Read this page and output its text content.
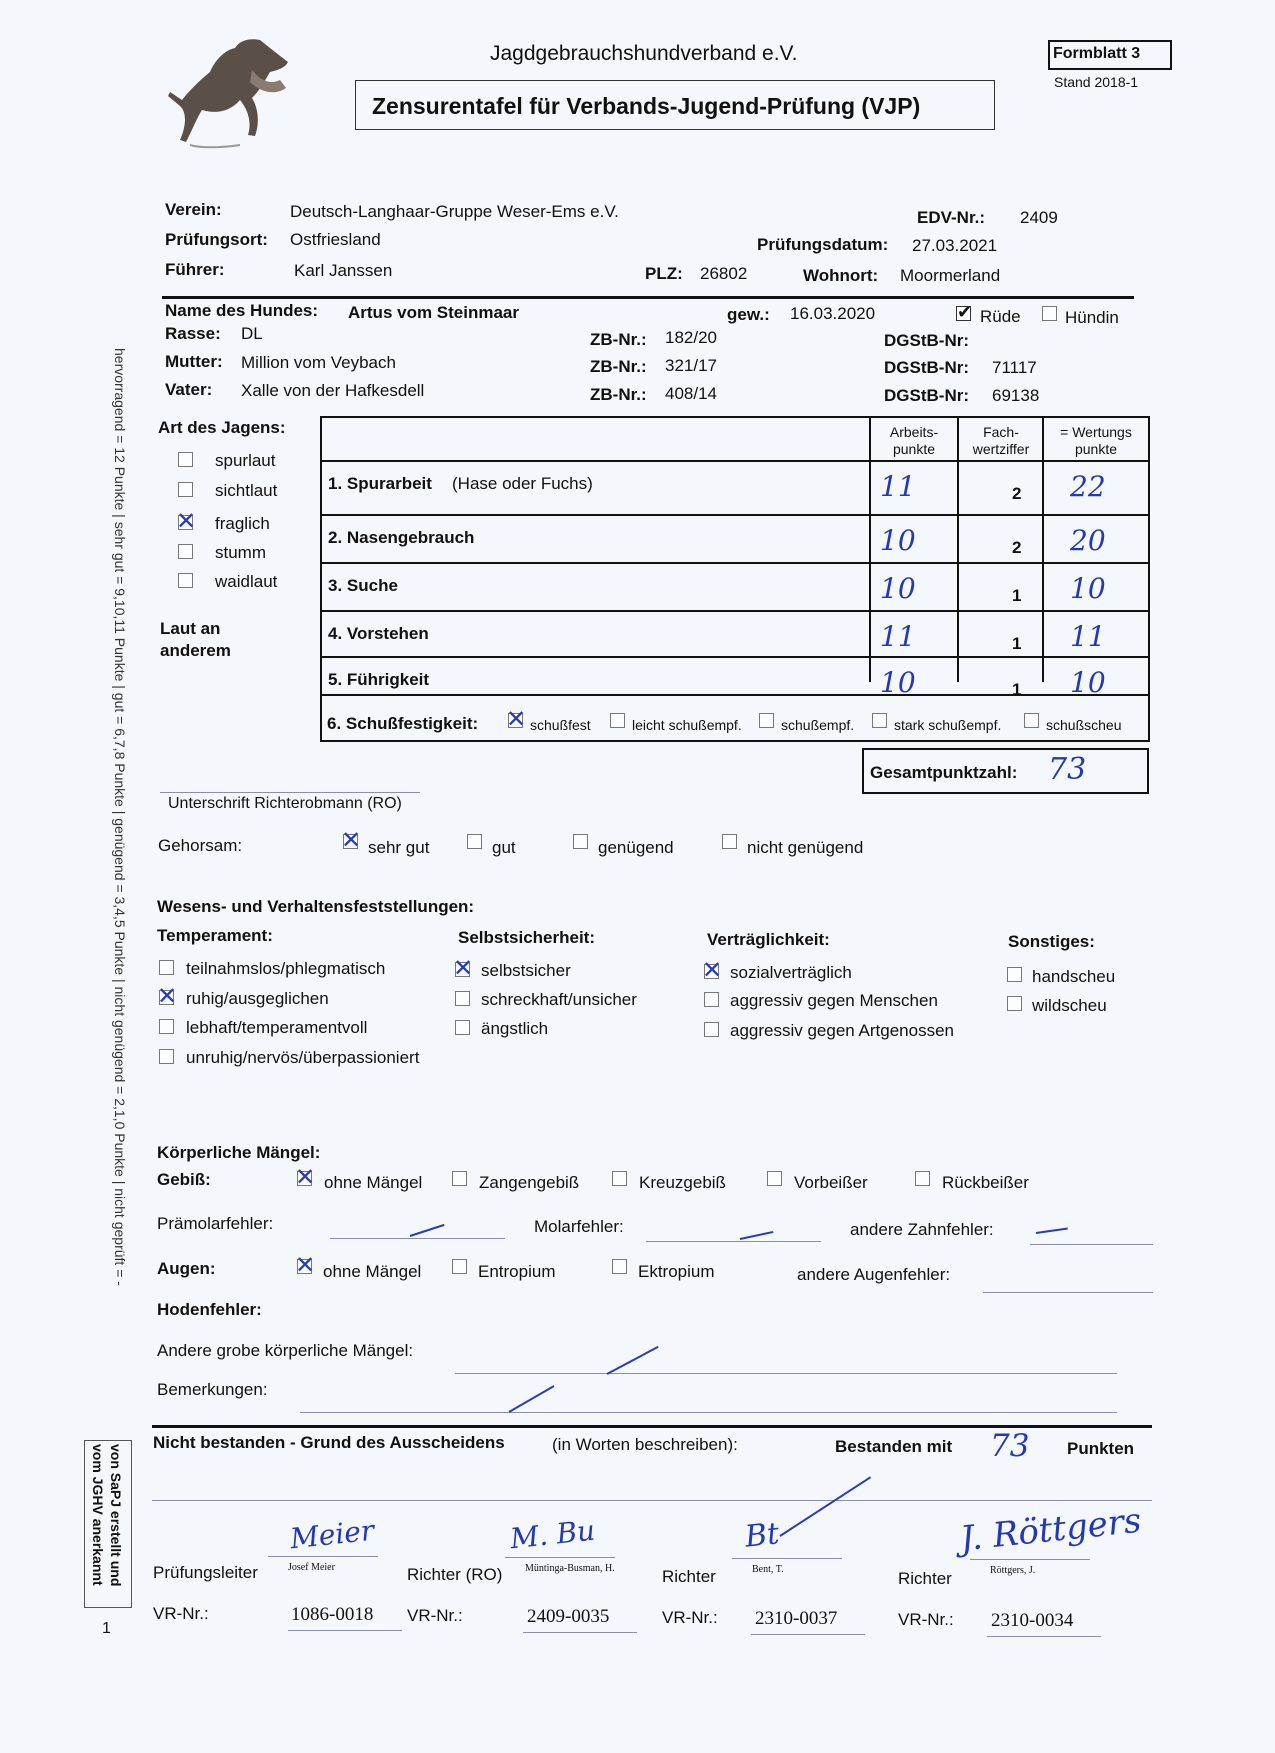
Jagdgebrauchshundverband e.V.
Zensurentafel für Verbands-Jugend-Prüfung (VJP)
Formblatt 3
Stand 2018-1
Verein:	Deutsch-Langhaar-Gruppe Weser-Ems e.V.	EDV-Nr.: 2409
Prüfungsort: Ostfriesland	Prüfungsdatum: 27.03.2021
Führer:	Karl Janssen	PLZ: 26802	Wohnort: Moormerland
Name des Hundes: Artus vom Steinmaar	gew.: 16.03.2020
✔	Rüde	Hündin
Rasse: DL	ZB-Nr.: 182/20	DGStB-Nr:
Mutter: Million vom Veybach	ZB-Nr.: 321/17	DGStB-Nr: 71117
Vater: Xalle von der Hafkesdell	ZB-Nr.: 408/14	DGStB-Nr: 69138
Art des Jagens:
Laut an anderem
Arbeits-punkte
Fach-wertziffer
= Wertungs punkte
6. Schußfestigkeit:
Gesamtpunktzahl: 73
Unterschrift Richterobmann (RO)
Gehorsam:
Wesens- und Verhaltensfeststellungen:
Temperament:	Selbstsicherheit:	Verträglichkeit:	Sonstiges:
Körperliche Mängel:
Gebiß:
Prämolarfehler:	Molarfehler:	andere Zahnfehler:
Augen:	andere Augenfehler:
Hodenfehler:
Andere grobe körperliche Mängel:
Bemerkungen:
Nicht bestanden - Grund des Ausscheidens	(in Worten beschreiben):	Bestanden mit 73 Punkten
hervorragend = 12 Punkte | sehr gut = 9,10,11 Punkte | gut = 6,7,8 Punkte | genügend = 3,4,5 Punkte | nicht genügend = 2,1,0 Punkte | nicht geprüft = -
von SaPJ erstellt und vom JGHV anerkannt
1
spurlaut
sichtlaut
✕
fraglich
stumm
waidlaut
1. Spurarbeit (Hase oder Fuchs)	11	2 22
2. Nasengebrauch	10	2 20
3. Suche	10	1 10
4. Vorstehen	11	1 11
5. Führigkeit	10	1 10
✕
schußfest	leicht schußempf.	schußempf.	stark schußempf.	schußscheu
✕
sehr gut	gut	genügend	nicht genügend
teilnahmslos/phlegmatisch
✕
ruhig/ausgeglichen
lebhaft/temperamentvoll
unruhig/nervös/überpassioniert
✕
selbstsicher
schreckhaft/unsicher
ängstlich
✕
sozialverträglich
aggressiv gegen Menschen
aggressiv gegen Artgenossen
handscheu
wildscheu
✕
ohne Mängel	Zangengebiß	Kreuzgebiß	Vorbeißer	Rückbeißer
✕
ohne Mängel	Entropium	Ektropium
Prüfungsleiter	Josef Meier
Meier
VR-Nr.:	1086-0018
Richter (RO) Müntinga-Busman, H.
M. Bu
VR-Nr.:	2409-0035
Richter	Bent, T.
Bt
VR-Nr.: 2310-0037
Richter	Röttgers, J.
J. Röttgers
VR-Nr.: 2310-0034
